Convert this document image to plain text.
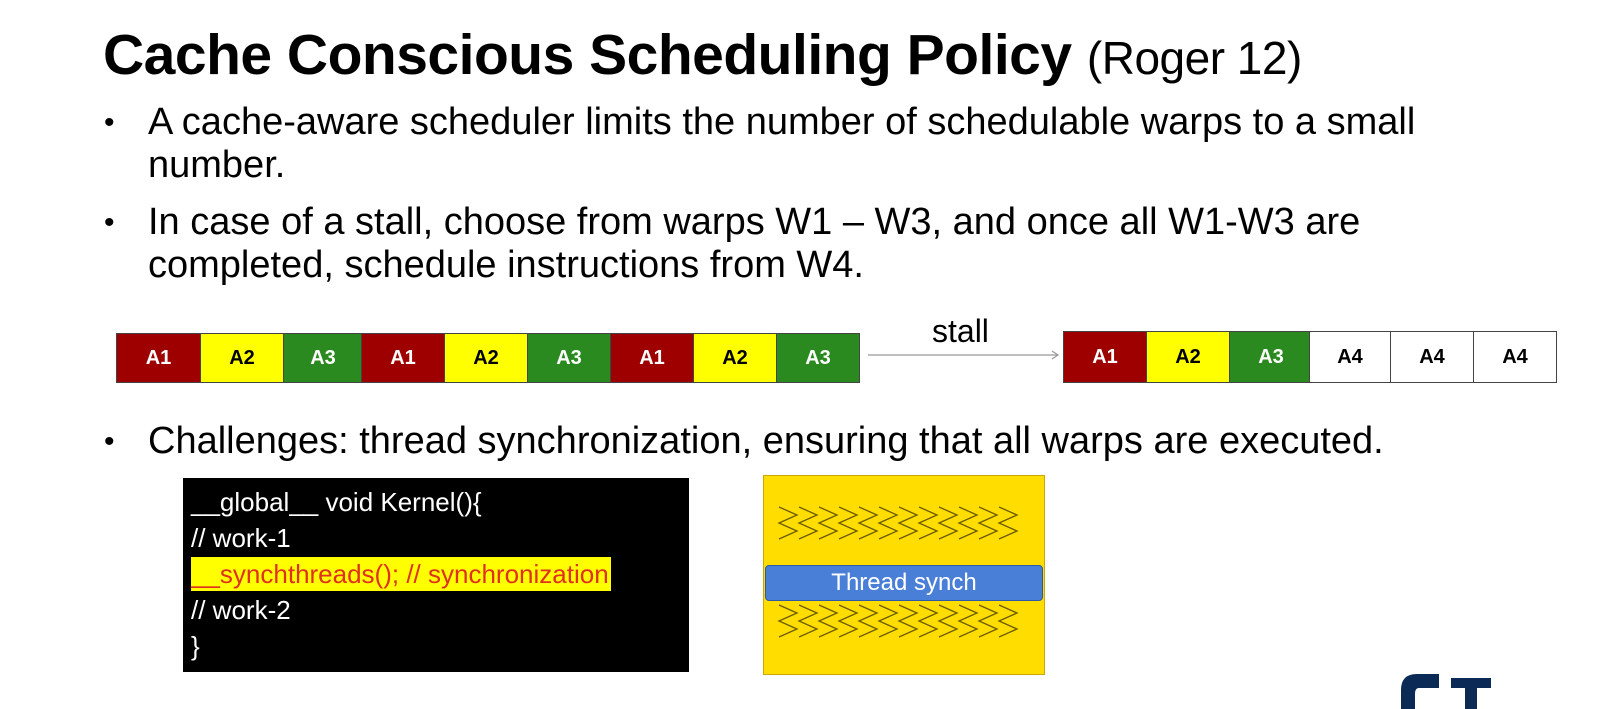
Cache Conscious Scheduling Policy (Roger 12)
• A cache-aware scheduler limits the number of schedulable warps to a small number.
• In case of a stall, choose from warps W1 – W3, and once all W1-W3 are completed, schedule instructions from W4.
A1	A2	A3	A1	A2	A3	A1	A2	A3
stall
A1	A2	A3	A4	A4	A4
• Challenges: thread synchronization, ensuring that all warps are executed.
__global__ void Kernel(){
// work-1
__synchthreads(); // synchronization
// work-2
}
Thread synch
